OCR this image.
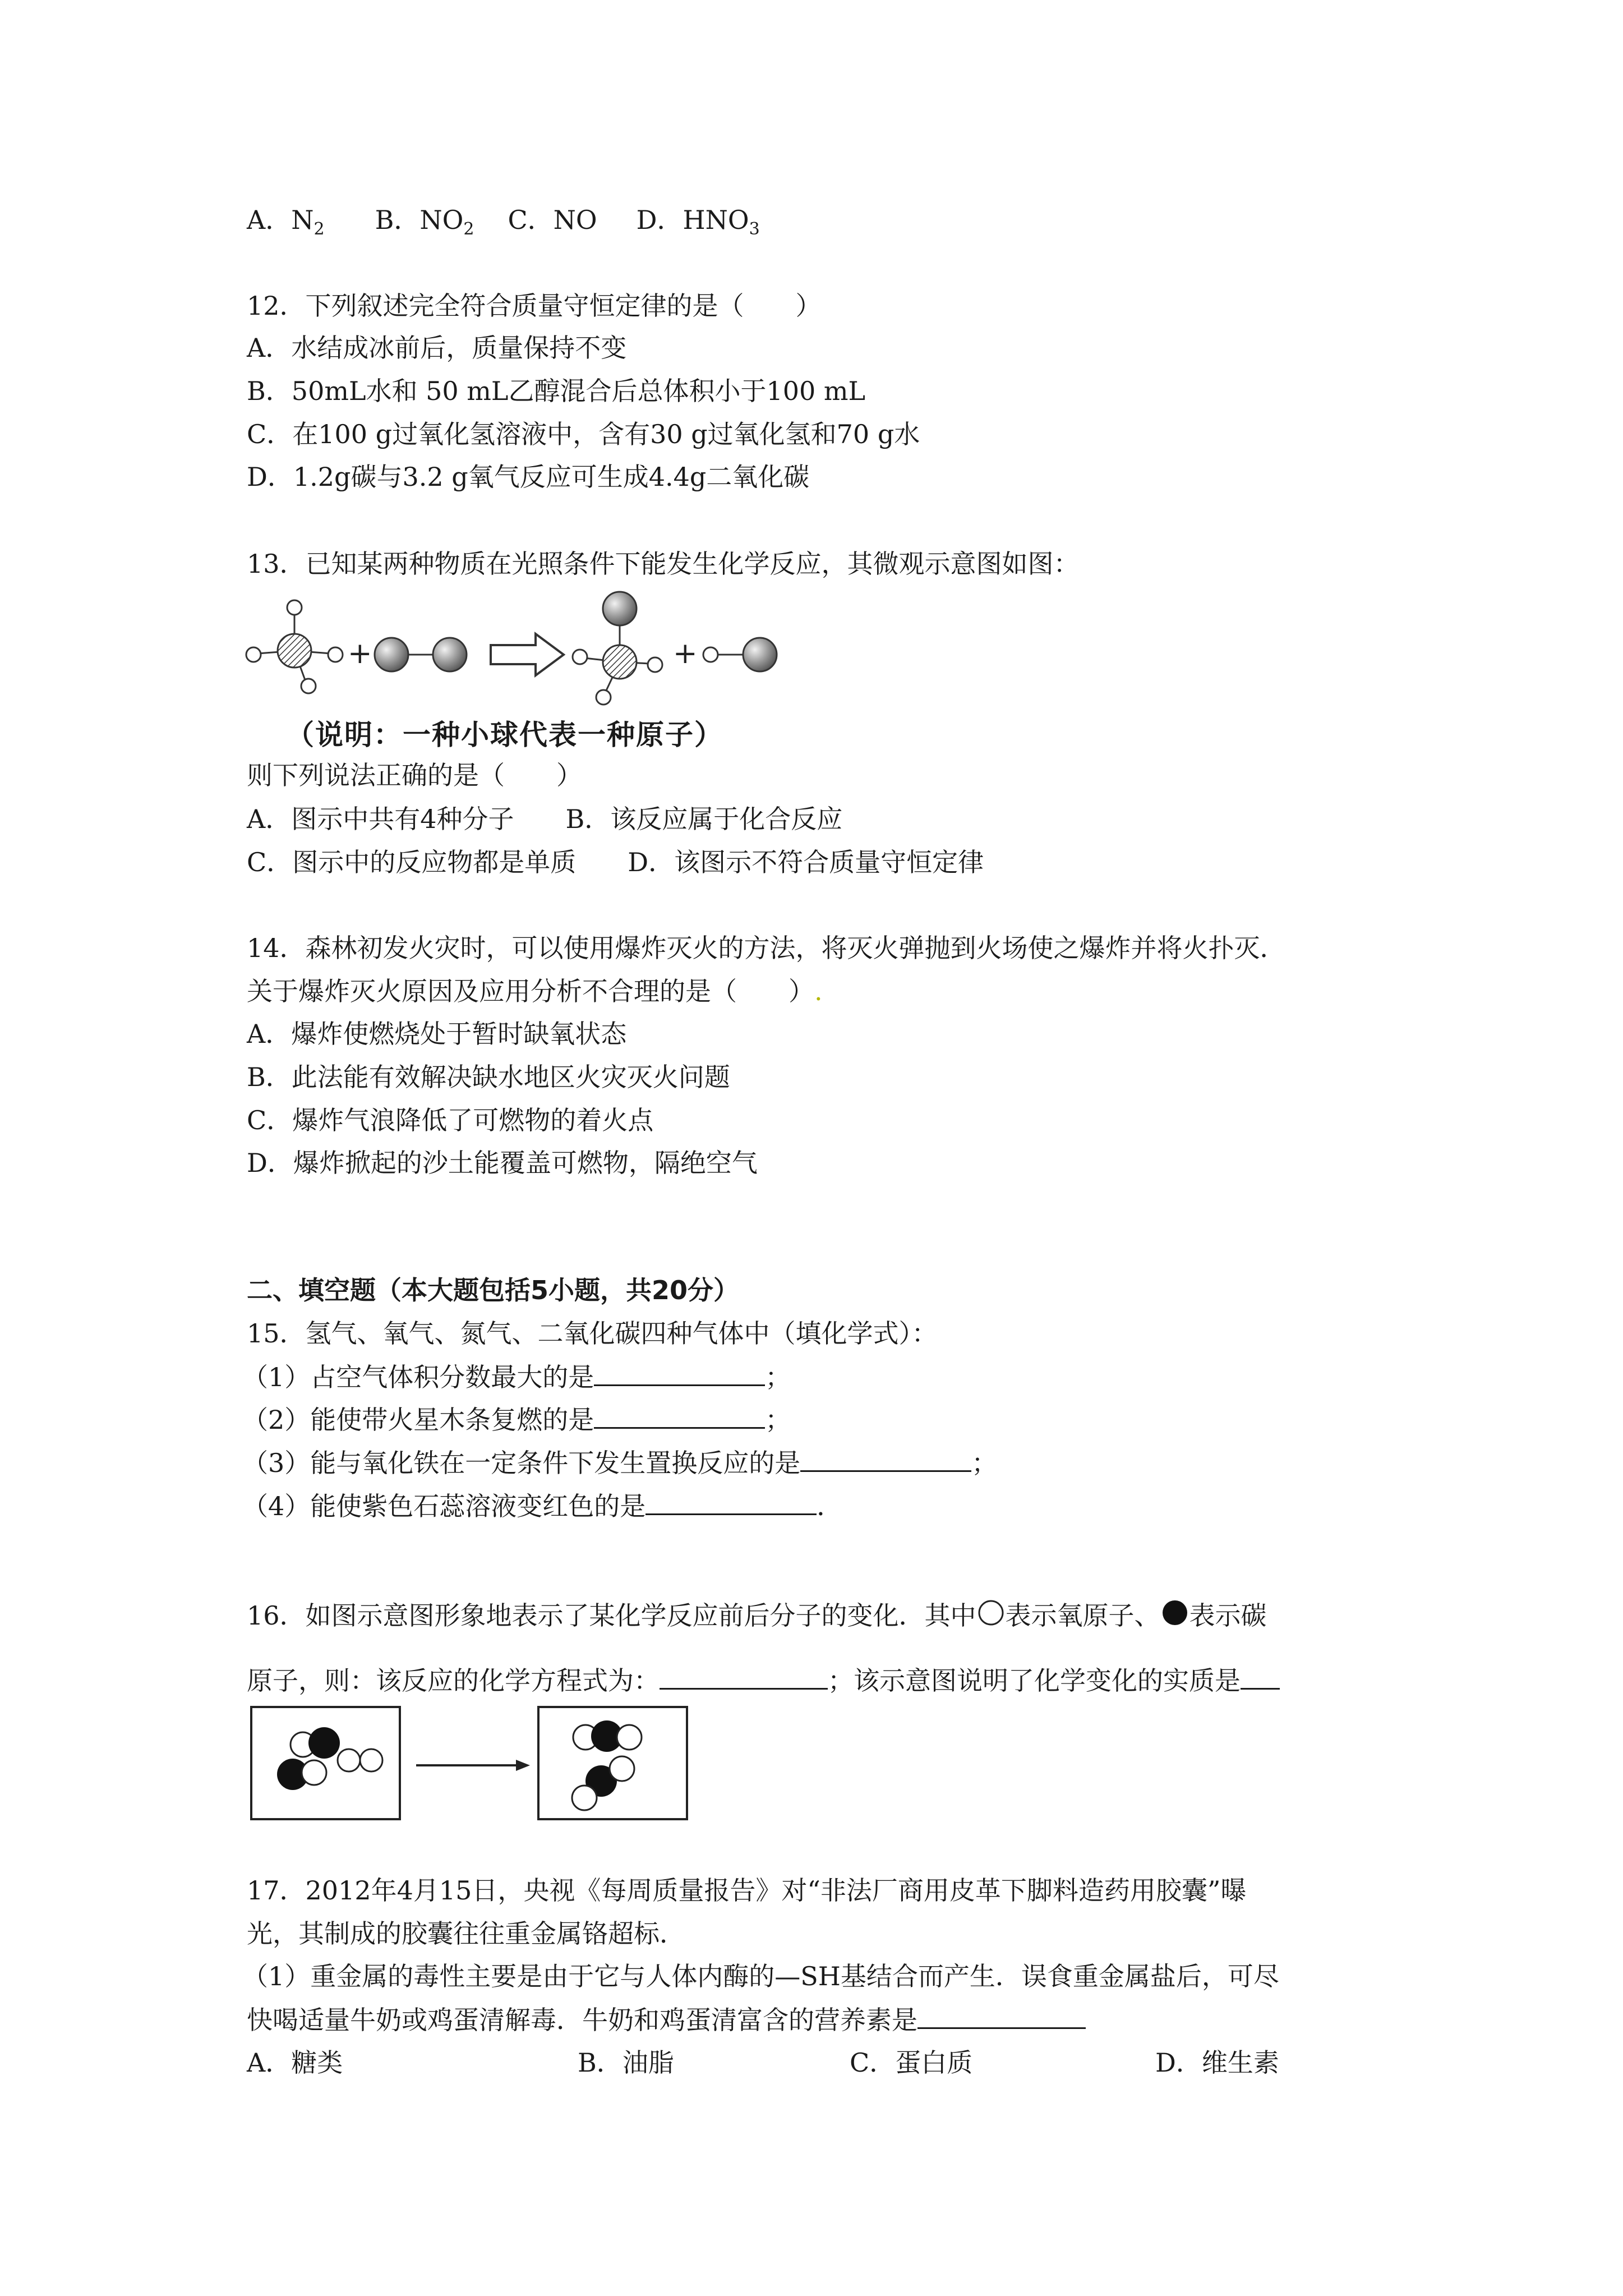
A．$N_2$ B．$NO_2$ C．NO D．$HNO_3$
12．下列叙述完全符合质量守恒定律的是（　　）
A．水结成冰前后，质量保持不变
B．50mL水和 50 mL乙醇混合后总体积小于100 mL
C．在100 g过氧化氢溶液中，含有30 g过氧化氢和70 g水
D．1.2g碳与3.2 g氧气反应可生成4.4g二氧化碳
13．已知某两种物质在光照条件下能发生化学反应，其微观示意图如图：
+	+
（说明：一种小球代表一种原子）
则下列说法正确的是（　　）
A．图示中共有4种分子　　B．该反应属于化合反应
C．图示中的反应物都是单质　　D．该图示不符合质量守恒定律
14．森林初发火灾时，可以使用爆炸灭火的方法，将灭火弹抛到火场使之爆炸并将火扑灭．
关于爆炸灭火原因及应用分析不合理的是（　　）.
A．爆炸使燃烧处于暂时缺氧状态
B．此法能有效解决缺水地区火灾灭火问题
C．爆炸气浪降低了可燃物的着火点
D．爆炸掀起的沙土能覆盖可燃物，隔绝空气
二、填空题（本大题包括5小题，共20分）
15．氢气、氧气、氮气、二氧化碳四种气体中（填化学式）：
（1）占空气体积分数最大的是	；
（2）能使带火星木条复燃的是	；
（3）能与氧化铁在一定条件下发生置换反应的是	；
（4）能使紫色石蕊溶液变红色的是	．
16．如图示意图形象地表示了某化学反应前后分子的变化．其中 表示氧原子、 表示碳
原子，则：该反应的化学方程式为：	；该示意图说明了化学变化的实质是
17．2012年4月15日，央视《每周质量报告》对“非法厂商用皮革下脚料造药用胶囊”曝
光，其制成的胶囊往往重金属铬超标．
（1）重金属的毒性主要是由于它与人体内酶的—SH基结合而产生．误食重金属盐后，可尽
快喝适量牛奶或鸡蛋清解毒．牛奶和鸡蛋清富含的营养素是
A．糖类	B．油脂	C．蛋白质	D．维生素
